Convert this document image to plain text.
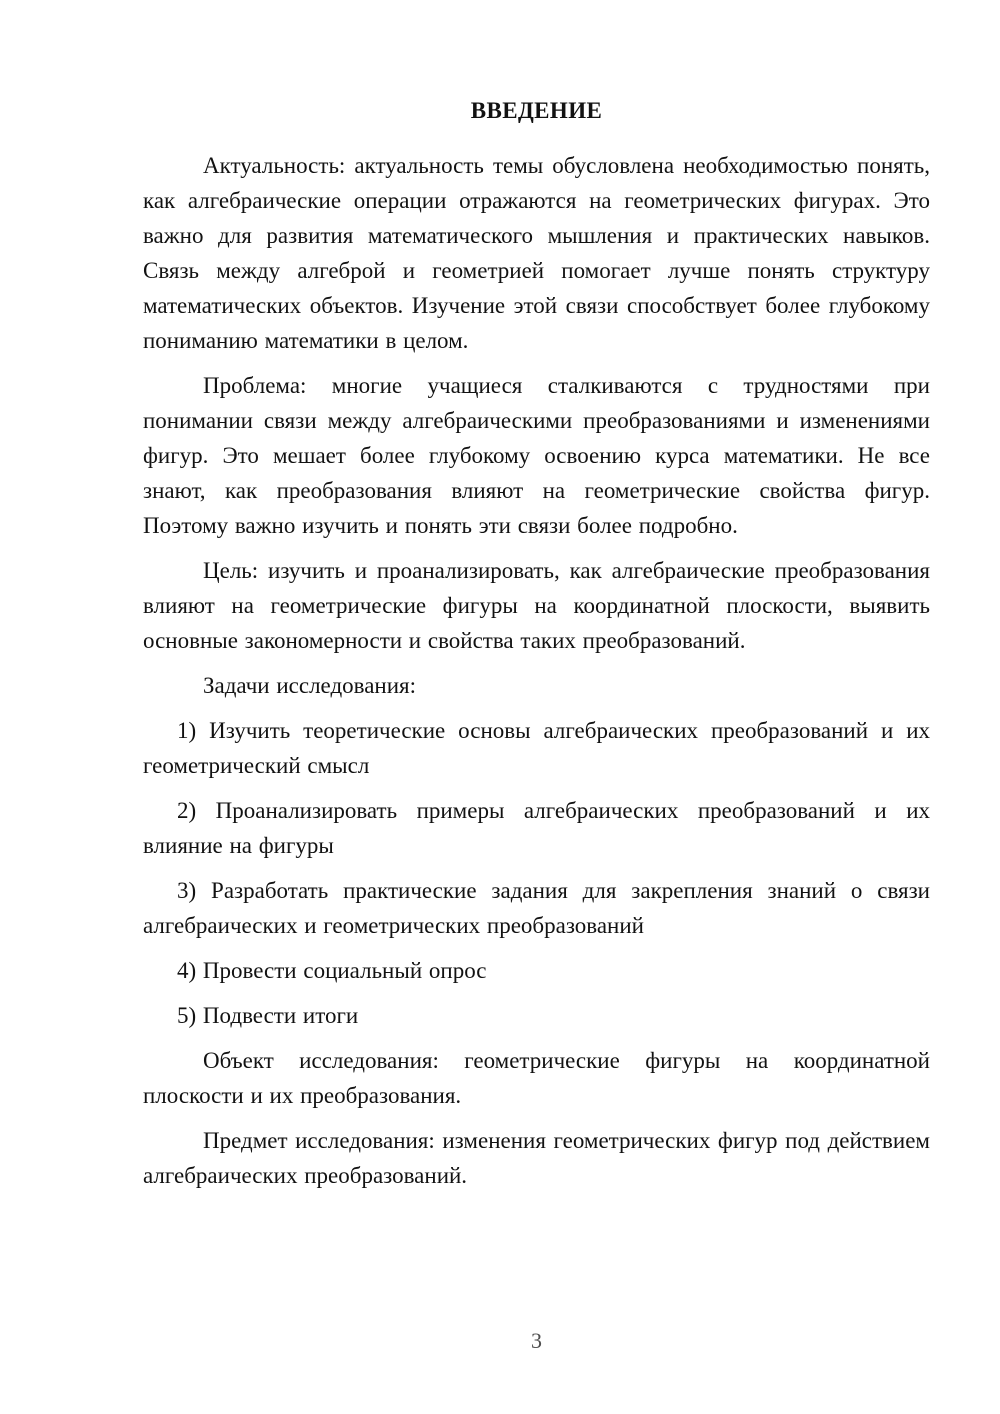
ВВЕДЕНИЕ

Актуальность: актуальность темы обусловлена необходимостью понять, как алгебраические операции отражаются на геометрических фигурах. Это важно для развития математического мышления и практических навыков. Связь между алгеброй и геометрией помогает лучше понять структуру математических объектов. Изучение этой связи способствует более глубокому пониманию математики в целом.

Проблема: многие учащиеся сталкиваются с трудностями при понимании связи между алгебраическими преобразованиями и изменениями фигур. Это мешает более глубокому освоению курса математики. Не все знают, как преобразования влияют на геометрические свойства фигур. Поэтому важно изучить и понять эти связи более подробно.

Цель: изучить и проанализировать, как алгебраические преобразования влияют на геометрические фигуры на координатной плоскости, выявить основные закономерности и свойства таких преобразований.

Задачи исследования:

1) Изучить теоретические основы алгебраических преобразований и их геометрический смысл

2) Проанализировать примеры алгебраических преобразований и их влияние на фигуры

3) Разработать практические задания для закрепления знаний о связи алгебраических и геометрических преобразований

4) Провести социальный опрос

5) Подвести итоги

Объект исследования: геометрические фигуры на координатной плоскости и их преобразования.

Предмет исследования: изменения геометрических фигур под действием алгебраических преобразований.

3
